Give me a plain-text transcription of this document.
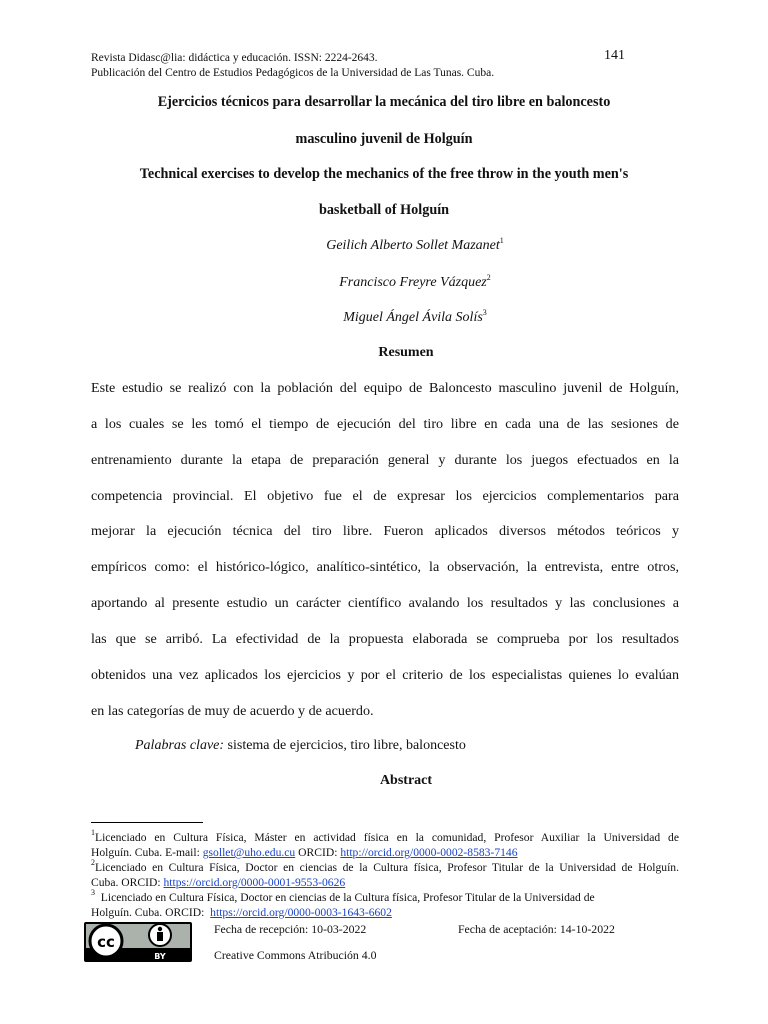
Revista Didasc@lia: didáctica y educación. ISSN: 2224-2643.
Publicación del Centro de Estudios Pedagógicos de la Universidad de Las Tunas. Cuba.
141
Ejercicios técnicos para desarrollar la mecánica del tiro libre en baloncesto
masculino juvenil de Holguín
Technical exercises to develop the mechanics of the free throw in the youth men's
basketball of Holguín
Geilich Alberto Sollet Mazanet$^1$
Francisco Freyre Vázquez$^2$
Miguel Ángel Ávila Solís$^3$
Resumen
Este estudio se realizó con la población del equipo de Baloncesto masculino juvenil de Holguín,
a los cuales se les tomó el tiempo de ejecución del tiro libre en cada una de las sesiones de
entrenamiento durante la etapa de preparación general y durante los juegos efectuados en la
competencia provincial. El objetivo fue el de expresar los ejercicios complementarios para
mejorar la ejecución técnica del tiro libre. Fueron aplicados diversos métodos teóricos y
empíricos como: el histórico-lógico, analítico-sintético, la observación, la entrevista, entre otros,
aportando al presente estudio un carácter científico avalando los resultados y las conclusiones a
las que se arribó. La efectividad de la propuesta elaborada se comprueba por los resultados
obtenidos una vez aplicados los ejercicios y por el criterio de los especialistas quienes lo evalúan
en las categorías de muy de acuerdo y de acuerdo.
Palabras clave: sistema de ejercicios, tiro libre, baloncesto
Abstract
$^1$Licenciado en Cultura Física, Máster en actividad física en la comunidad, Profesor Auxiliar la Universidad de
Holguín. Cuba. E-mail: gsollet@uho.edu.cu ORCID: http://orcid.org/0000-0002-8583-7146
$^2$Licenciado en Cultura Física, Doctor en ciencias de la Cultura física, Profesor Titular de la Universidad de Holguín.
Cuba. ORCID: https://orcid.org/0000-0001-9553-0626
$^3$  Licenciado en Cultura Física, Doctor en ciencias de la Cultura física, Profesor Titular de la Universidad de
Holguín. Cuba. ORCID:  https://orcid.org/0000-0003-1643-6602
Fecha de recepción: 10-03-2022	Fecha de aceptación: 14-10-2022
cc
BY	Creative Commons Atribución 4.0
